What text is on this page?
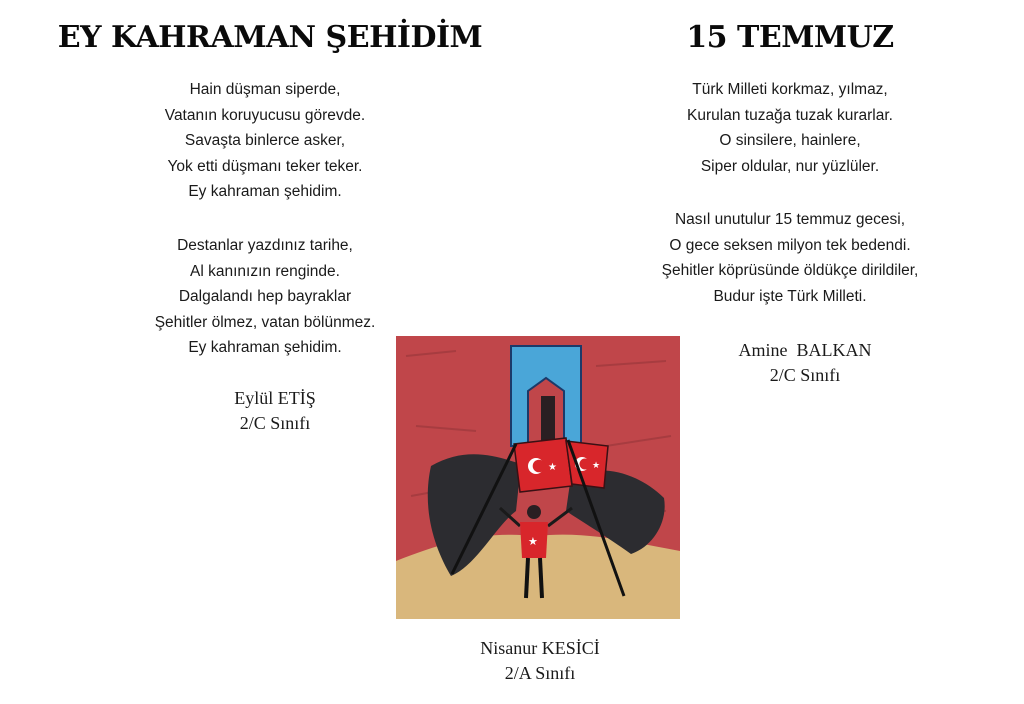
EY KAHRAMAN ŞEHİDİM	15 TEMMUZ
Hain düşman siperde,
Vatanın koruyucusu görevde.
Savaşta binlerce asker,
Yok etti düşmanı teker teker.
Ey kahraman şehidim.
Destanlar yazdınız tarihe,
Al kanınızın renginde.
Dalgalandı hep bayraklar
Şehitler ölmez, vatan bölünmez.
Ey kahraman şehidim.
Türk Milleti korkmaz, yılmaz,
Kurulan tuzağa tuzak kurarlar.
O sinsilere, hainlere,
Siper oldular, nur yüzlüler.
Nasıl unutulur 15 temmuz gecesi,
O gece seksen milyon tek bedendi.
Şehitler köprüsünde öldükçe dirildiler,
Budur işte Türk Milleti.
Eylül ETİŞ
2/C Sınıfı
Amine  BALKAN
2/C Sınıfı
★	★
★
Nisanur KESİCİ
2/A Sınıfı
